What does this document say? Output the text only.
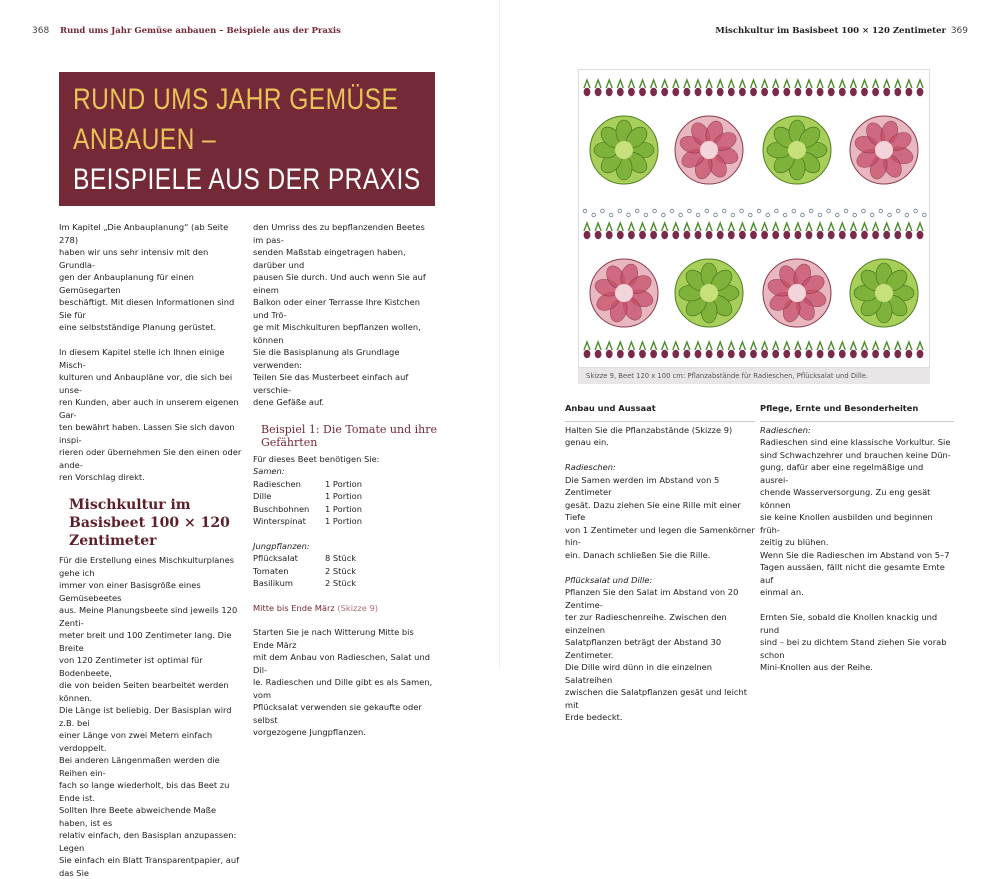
368 Rund ums Jahr Gemüse anbauen – Beispiele aus der Praxis
RUND UMS JAHR GEMÜSE
ANBAUEN –
BEISPIELE AUS DER PRAXIS

Im Kapitel „Die Anbauplanung“ (ab Seite 278)
haben wir uns sehr intensiv mit den Grundla-
gen der Anbauplanung für einen Gemüsegarten
beschäftigt. Mit diesen Informationen sind Sie für
eine selbstständige Planung gerüstet.

In diesem Kapitel stelle ich Ihnen einige Misch-
kulturen und Anbaupläne vor, die sich bei unse-
ren Kunden, aber auch in unserem eigenen Gar-
ten bewährt haben. Lassen Sie sich davon inspi-
rieren oder übernehmen Sie den einen oder ande-
ren Vorschlag direkt.

Mischkultur im
Basisbeet 100 × 120
Zentimeter
Für die Erstellung eines Mischkulturplanes gehe ich
immer von einer Basisgröße eines Gemüsebeetes
aus. Meine Planungsbeete sind jeweils 120 Zenti-
meter breit und 100 Zentimeter lang. Die Breite
von 120 Zentimeter ist optimal für Bodenbeete,
die von beiden Seiten bearbeitet werden können.
Die Länge ist beliebig. Der Basisplan wird z.B. bei
einer Länge von zwei Metern einfach verdoppelt.
Bei anderen Längenmaßen werden die Reihen ein-
fach so lange wiederholt, bis das Beet zu Ende ist.
Sollten Ihre Beete abweichende Maße haben, ist es
relativ einfach, den Basisplan anzupassen: Legen
Sie einfach ein Blatt Transparentpapier, auf das Sie
den Umriss des zu bepflanzenden Beetes im pas-
senden Maßstab eingetragen haben, darüber und
pausen Sie durch. Und auch wenn Sie auf einem
Balkon oder einer Terrasse Ihre Kistchen und Trö-
ge mit Mischkulturen bepflanzen wollen, können
Sie die Basisplanung als Grundlage verwenden:
Teilen Sie das Musterbeet einfach auf verschie-
dene Gefäße auf.
Beispiel 1: Die Tomate und ihre
Gefährten
Für dieses Beet benötigen Sie:
Samen:
Radieschen	1 Portion
Dille	1 Portion
Buschbohnen	1 Portion
Winterspinat	1 Portion
Jungpflanzen:
Pflücksalat	8 Stück
Tomaten	2 Stück
Basilikum	2 Stück
Mitte bis Ende März (Skizze 9)
Starten Sie je nach Witterung Mitte bis Ende März
mit dem Anbau von Radieschen, Salat und Dil-
le. Radieschen und Dille gibt es als Samen, vom
Pflücksalat verwenden sie gekaufte oder selbst
vorgezogene Jungpflanzen.
Mischkultur im Basisbeet 100 × 120 Zentimeter 369
Skizze 9, Beet 120 x 100 cm: Pflanzabstände für Radieschen, Pflücksalat und Dille.
Anbau und Aussaat

Halten Sie die Pflanzabstände (Skizze 9) genau ein.

Radieschen:

Die Samen werden im Abstand von 5 Zentimeter
gesät. Dazu ziehen Sie eine Rille mit einer Tiefe
von 1 Zentimeter und legen die Samenkörner hin-
ein. Danach schließen Sie die Rille.

Pflücksalat und Dille:
Pflanzen Sie den Salat im Abstand von 20 Zentime-
ter zur Radieschenreihe. Zwischen den einzelnen
Salatpflanzen beträgt der Abstand 30 Zentimeter.
Die Dille wird dünn in die einzelnen Salatreihen
zwischen die Salatpflanzen gesät und leicht mit
Erde bedeckt.
Pflege, Ernte und Besonderheiten
Radieschen:
Radieschen sind eine klassische Vorkultur. Sie
sind Schwachzehrer und brauchen keine Dün-
gung, dafür aber eine regelmäßige und ausrei-
chende Wasserversorgung. Zu eng gesät können
sie keine Knollen ausbilden und beginnen früh-
zeitig zu blühen.

Wenn Sie die Radieschen im Abstand von 5–7
Tagen aussäen, fällt nicht die gesamte Ernte auf
einmal an.

Ernten Sie, sobald die Knollen knackig und rund
sind – bei zu dichtem Stand ziehen Sie vorab schon
Mini-Knollen aus der Reihe.
